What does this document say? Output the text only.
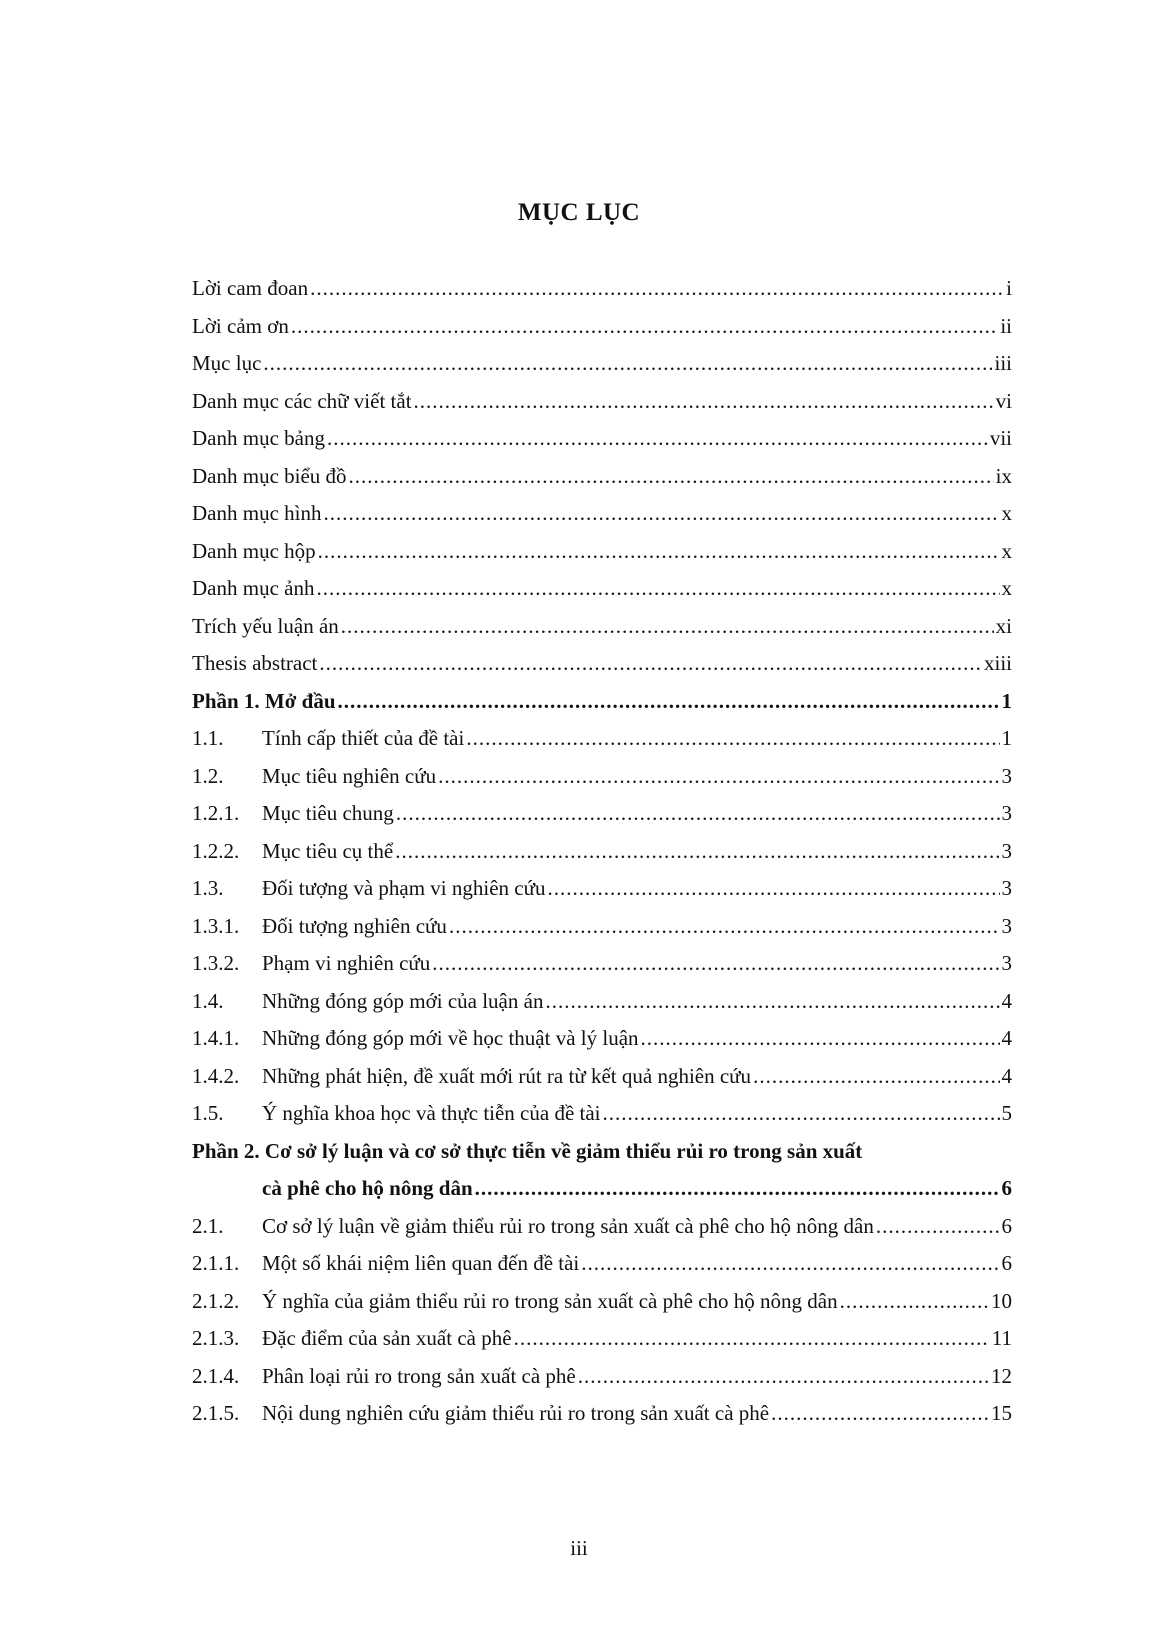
MỤC LỤC
Lời cam đoan .....	i
Lời cảm ơn .....	ii
Mục lục .....	iii
Danh mục các chữ viết tắt .....	vi
Danh mục bảng .....	vii
Danh mục biểu đồ .....	ix
Danh mục hình .....	x
Danh mục hộp .....	x
Danh mục ảnh .....	x
Trích yếu luận án .....	xi
Thesis abstract .....	xiii
Phần 1. Mở đầu .....	1
1.1.	Tính cấp thiết của đề tài .....	1
1.2.	Mục tiêu nghiên cứu .....	3
1.2.1.	Mục tiêu chung .....	3
1.2.2.	Mục tiêu cụ thể .....	3
1.3.	Đối tượng và phạm vi nghiên cứu .....	3
1.3.1.	Đối tượng nghiên cứu .....	3
1.3.2.	Phạm vi nghiên cứu .....	3
1.4.	Những đóng góp mới của luận án .....	4
1.4.1.	Những đóng góp mới về học thuật và lý luận .....	4
1.4.2.	Những phát hiện, đề xuất mới rút ra từ kết quả nghiên cứu .....	4
1.5.	Ý nghĩa khoa học và thực tiễn của đề tài .....	5
Phần 2. Cơ sở lý luận và cơ sở thực tiễn về giảm thiểu rủi ro trong sản xuất
cà phê cho hộ nông dân .....	6
2.1.	Cơ sở lý luận về giảm thiểu rủi ro trong sản xuất cà phê cho hộ nông dân .....	6
2.1.1.	Một số khái niệm liên quan đến đề tài .....	6
2.1.2.	Ý nghĩa của giảm thiểu rủi ro trong sản xuất cà phê cho hộ nông dân .....	10
2.1.3.	Đặc điểm của sản xuất cà phê .....	11
2.1.4.	Phân loại rủi ro trong sản xuất cà phê .....	12
2.1.5.	Nội dung nghiên cứu giảm thiểu rủi ro trong sản xuất cà phê .....	15
iii
